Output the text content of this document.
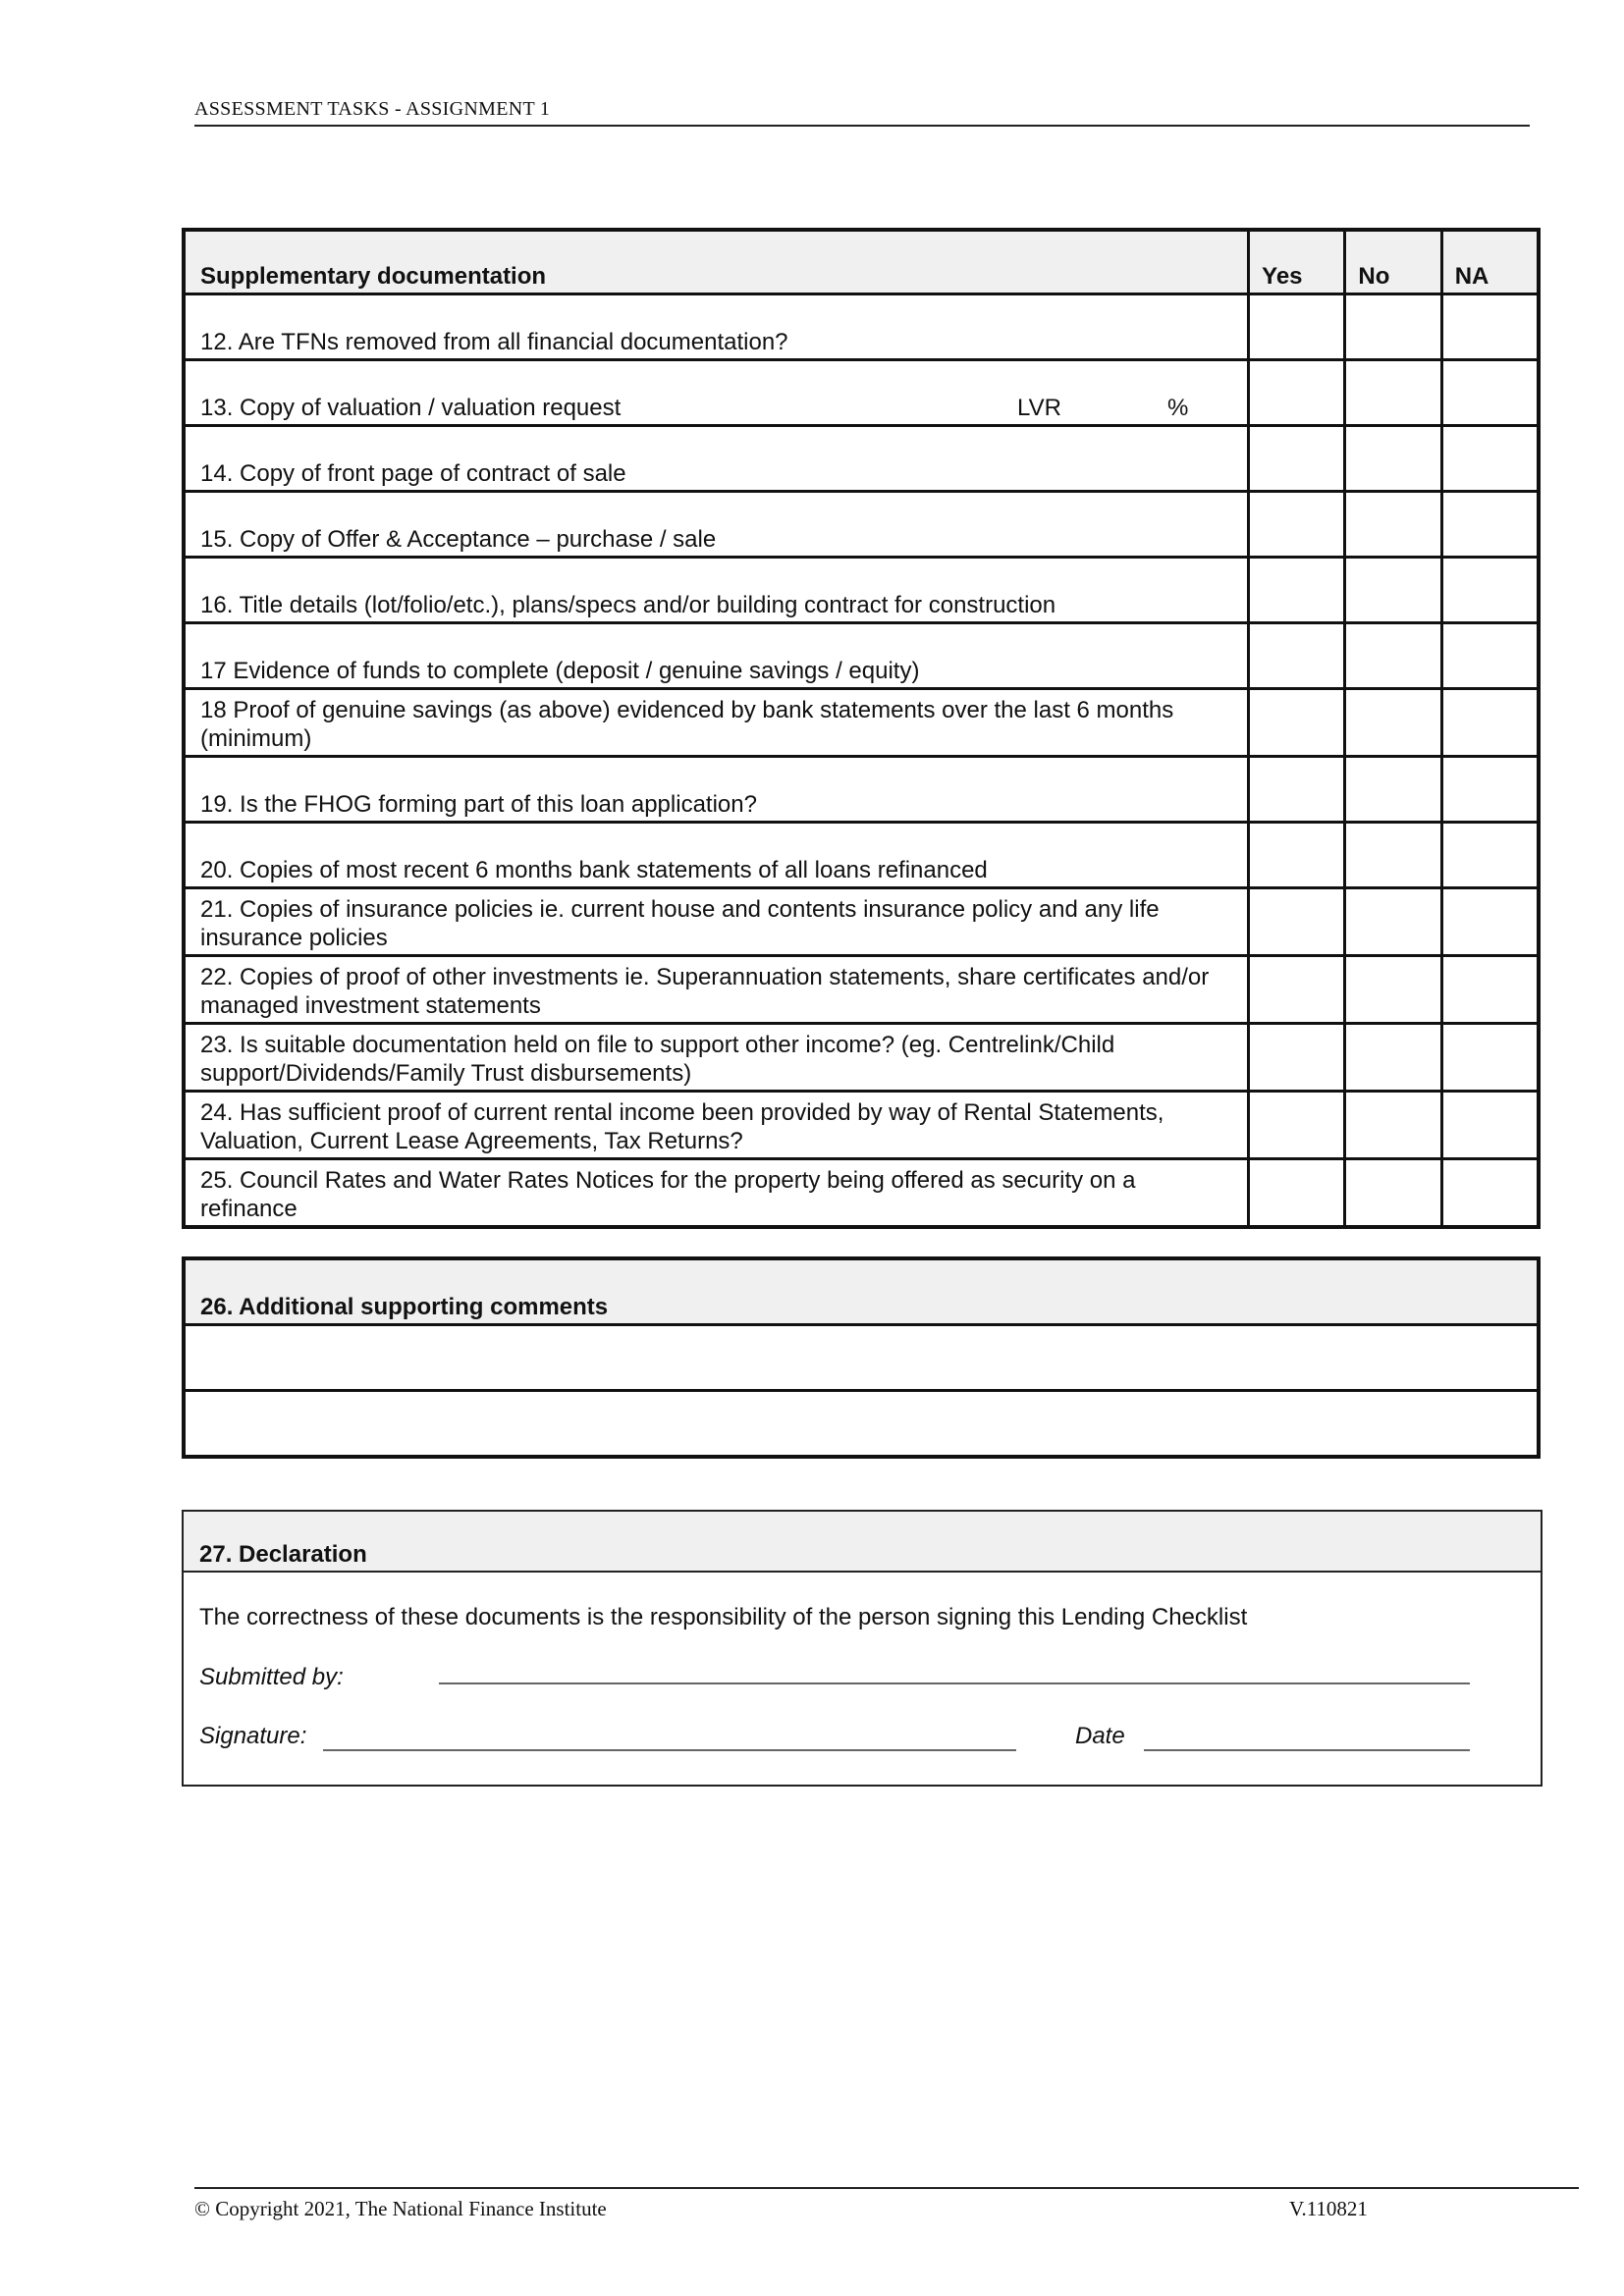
ASSESSMENT TASKS - ASSIGNMENT 1
Supplementary documentation	Yes	No	NA
12. Are TFNs removed from all financial documentation?			
13. Copy of valuation / valuation request LVR %			

14. Copy of front page of contract of sale			
15. Copy of Offer & Acceptance – purchase / sale			
16. Title details (lot/folio/etc.), plans/specs and/or building contract for construction			
17 Evidence of funds to complete (deposit / genuine savings / equity)			
18 Proof of genuine savings (as above) evidenced by bank statements over the last 6 months (minimum)			
19. Is the FHOG forming part of this loan application?			
20. Copies of most recent 6 months bank statements of all loans refinanced			
21. Copies of insurance policies ie. current house and contents insurance policy and any life insurance policies			
22. Copies of proof of other investments ie. Superannuation statements, share certificates and/or managed investment statements			
23. Is suitable documentation held on file to support other income? (eg. Centrelink/Child support/Dividends/Family Trust disbursements)			
24. Has sufficient proof of current rental income been provided by way of Rental Statements, Valuation, Current Lease Agreements, Tax Returns?			
25. Council Rates and Water Rates Notices for the property being offered as security on a refinance			
26. Additional supporting comments

27. Declaration
The correctness of these documents is the responsibility of the person signing this Lending Checklist
Submitted by:
Signature:	Date
© Copyright 2021, The National Finance Institute	V.110821
